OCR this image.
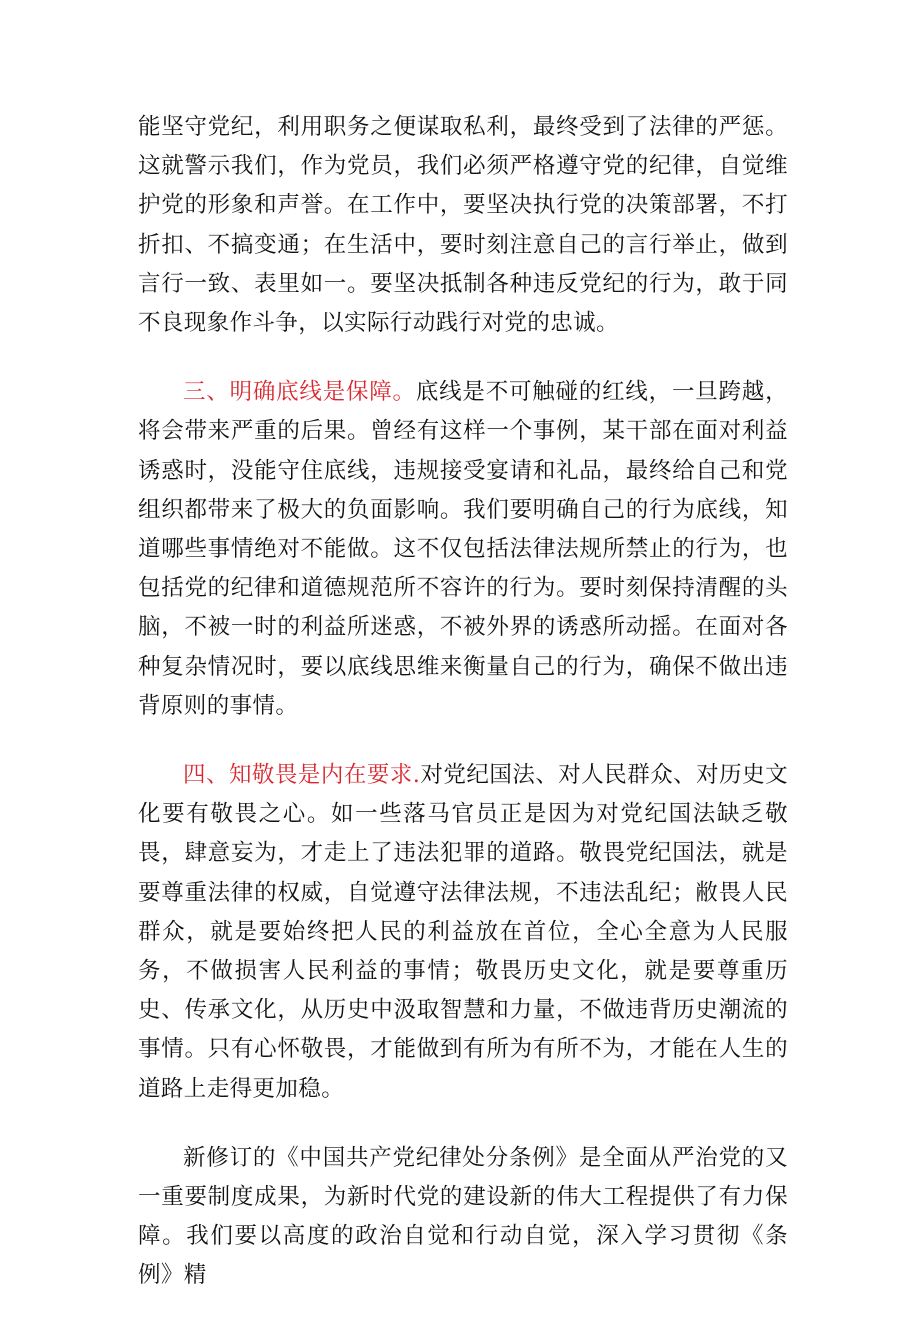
能坚守党纪，利用职务之便谋取私利，最终受到了法律的严惩。这就警示我们，作为党员，我们必须严格遵守党的纪律，自觉维护党的形象和声誉。在工作中，要坚决执行党的决策部署，不打折扣、不搞变通；在生活中，要时刻注意自己的言行举止，做到言行一致、表里如一。要坚决抵制各种违反党纪的行为，敢于同不良现象作斗争，以实际行动践行对党的忠诚。

三、明确底线是保障。底线是不可触碰的红线，一旦跨越，将会带来严重的后果。曾经有这样一个事例，某干部在面对利益诱惑时，没能守住底线，违规接受宴请和礼品，最终给自己和党组织都带来了极大的负面影响。我们要明确自己的行为底线，知道哪些事情绝对不能做。这不仅包括法律法规所禁止的行为，也包括党的纪律和道德规范所不容许的行为。要时刻保持清醒的头脑，不被一时的利益所迷惑，不被外界的诱惑所动摇。在面对各种复杂情况时，要以底线思维来衡量自己的行为，确保不做出违背原则的事情。

四、知敬畏是内在要求.对党纪国法、对人民群众、对历史文化要有敬畏之心。如一些落马官员正是因为对党纪国法缺乏敬畏，肆意妄为，才走上了违法犯罪的道路。敬畏党纪国法，就是要尊重法律的权威，自觉遵守法律法规，不违法乱纪；敝畏人民群众，就是要始终把人民的利益放在首位，全心全意为人民服务，不做损害人民利益的事情；敬畏历史文化，就是要尊重历史、传承文化，从历史中汲取智慧和力量，不做违背历史潮流的事情。只有心怀敬畏，才能做到有所为有所不为，才能在人生的道路上走得更加稳。

新修订的《中国共产党纪律处分条例》是全面从严治党的又一重要制度成果，为新时代党的建设新的伟大工程提供了有力保障。我们要以高度的政治自觉和行动自觉，深入学习贯彻《条例》精
